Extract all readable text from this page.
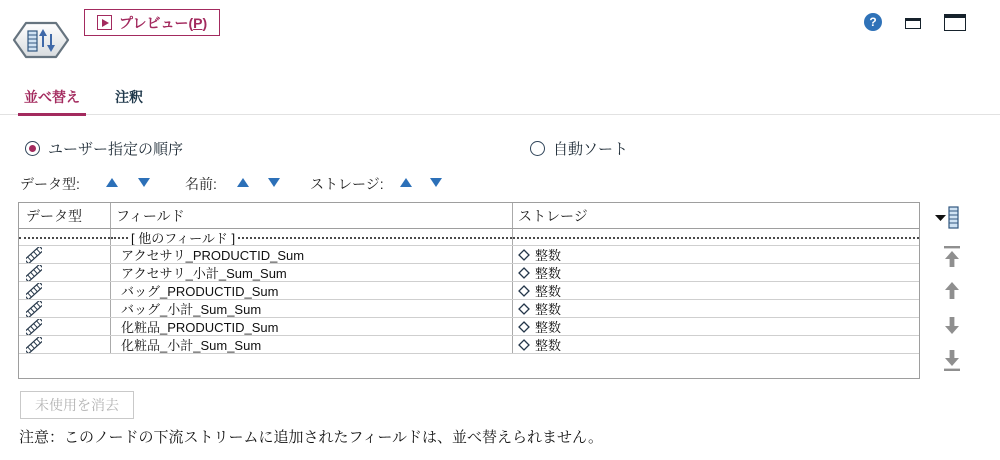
プレビュー(P)	?
並べ替え	注釈
ユーザー指定の順序	自動ソート
データ型:	名前:	ストレージ:
データ型	フィールド	ストレージ
[ 他のフィールド ]
アクセサリ_PRODUCTID_Sum	整数
アクセサリ_小計_Sum_Sum	整数
バッグ_PRODUCTID_Sum	整数
バッグ_小計_Sum_Sum	整数
化粧品_PRODUCTID_Sum	整数
化粧品_小計_Sum_Sum	整数
未使用を消去
注意：このノードの下流ストリームに追加されたフィールドは、並べ替えられません。
